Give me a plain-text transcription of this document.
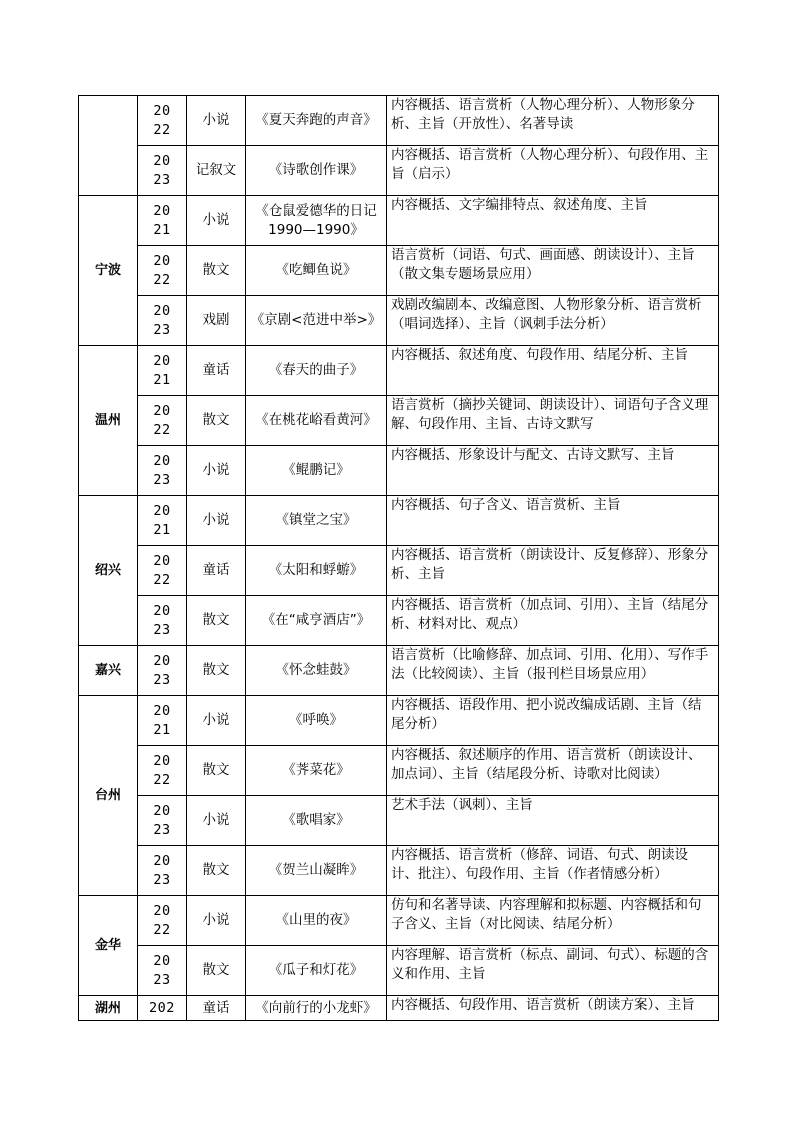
	2022	小说	《夏天奔跑的声音》	内容概括、语言赏析（人物心理分析）、人物形象分析、主旨（开放性）、名著导读
	2023	记叙文	《诗歌创作课》	内容概括、语言赏析（人物心理分析）、句段作用、主旨（启示）
宁波	2021	小说	《仓鼠爱德华的日记 1990—1990》	内容概括、文字编排特点、叙述角度、主旨
	2022	散文	《吃鲫鱼说》	语言赏析（词语、句式、画面感、朗读设计）、主旨（散文集专题场景应用）
	2023	戏剧	《京剧<范进中举>》	戏剧改编剧本、改编意图、人物形象分析、语言赏析（唱词选择）、主旨（讽刺手法分析）
温州	2021	童话	《春天的曲子》	内容概括、叙述角度、句段作用、结尾分析、主旨
	2022	散文	《在桃花峪看黄河》	语言赏析（摘抄关键词、朗读设计）、词语句子含义理解、句段作用、主旨、古诗文默写
	2023	小说	《鲲鹏记》	内容概括、形象设计与配文、古诗文默写、主旨
绍兴	2021	小说	《镇堂之宝》	内容概括、句子含义、语言赏析、主旨
	2022	童话	《太阳和蜉蝣》	内容概括、语言赏析（朗读设计、反复修辞）、形象分析、主旨
	2023	散文	《在“咸亨酒店”》	内容概括、语言赏析（加点词、引用）、主旨（结尾分析、材料对比、观点）
嘉兴	2023	散文	《怀念蛙鼓》	语言赏析（比喻修辞、加点词、引用、化用）、写作手法（比较阅读）、主旨（报刊栏目场景应用）
台州	2021	小说	《呼唤》	内容概括、语段作用、把小说改编成话剧、主旨（结尾分析）
	2022	散文	《荠菜花》	内容概括、叙述顺序的作用、语言赏析（朗读设计、加点词）、主旨（结尾段分析、诗歌对比阅读）
	2023	小说	《歌唱家》	艺术手法（讽刺）、主旨
	2023	散文	《贺兰山凝眸》	内容概括、语言赏析（修辞、词语、句式、朗读设计、批注）、句段作用、主旨（作者情感分析）
金华	2022	小说	《山里的夜》	仿句和名著导读、内容理解和拟标题、内容概括和句子含义、主旨（对比阅读、结尾分析）
	2023	散文	《瓜子和灯花》	内容理解、语言赏析（标点、副词、句式）、标题的含义和作用、主旨
湖州	202	童话	《向前行的小龙虾》	内容概括、句段作用、语言赏析（朗读方案）、主旨
